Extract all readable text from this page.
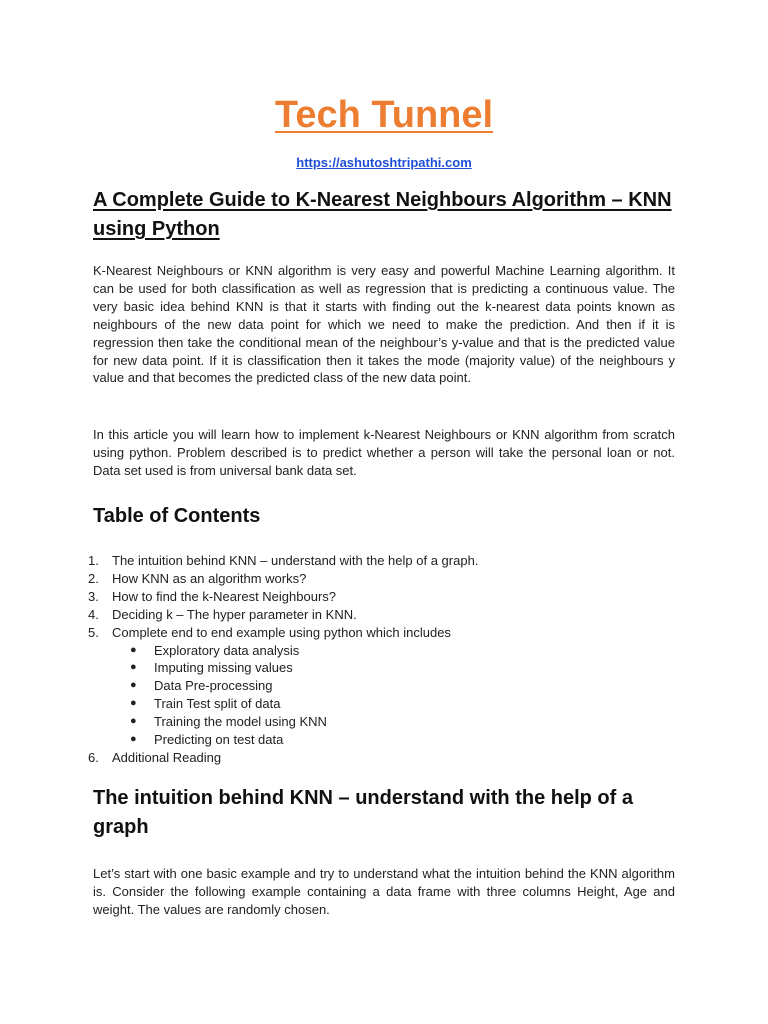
Tech Tunnel
https://ashutoshtripathi.com
A Complete Guide to K-Nearest Neighbours Algorithm – KNN using Python

K-Nearest Neighbours or KNN algorithm is very easy and powerful Machine Learning algorithm. It can be used for both classification as well as regression that is predicting a continuous value. The very basic idea behind KNN is that it starts with finding out the k-nearest data points known as neighbours of the new data point for which we need to make the prediction. And then if it is regression then take the conditional mean of the neighbour’s y-value and that is the predicted value for new data point. If it is classification then it takes the mode (majority value) of the neighbours y value and that becomes the predicted class of the new data point.

In this article you will learn how to implement k-Nearest Neighbours or KNN algorithm from scratch using python. Problem described is to predict whether a person will take the personal loan or not. Data set used is from universal bank data set.

Table of Contents
1.	The intuition behind KNN – understand with the help of a graph.
2.	How KNN as an algorithm works?
3.	How to find the k-Nearest Neighbours?
4.	Deciding k – The hyper parameter in KNN.
5.	Complete end to end example using python which includes
● Exploratory data analysis
● Imputing missing values
● Data Pre-processing
● Train Test split of data
● Training the model using KNN
● Predicting on test data
6.	Additional Reading
The intuition behind KNN – understand with the help of a graph

Let’s start with one basic example and try to understand what the intuition behind the KNN algorithm is. Consider the following example containing a data frame with three columns Height, Age and weight. The values are randomly chosen.
